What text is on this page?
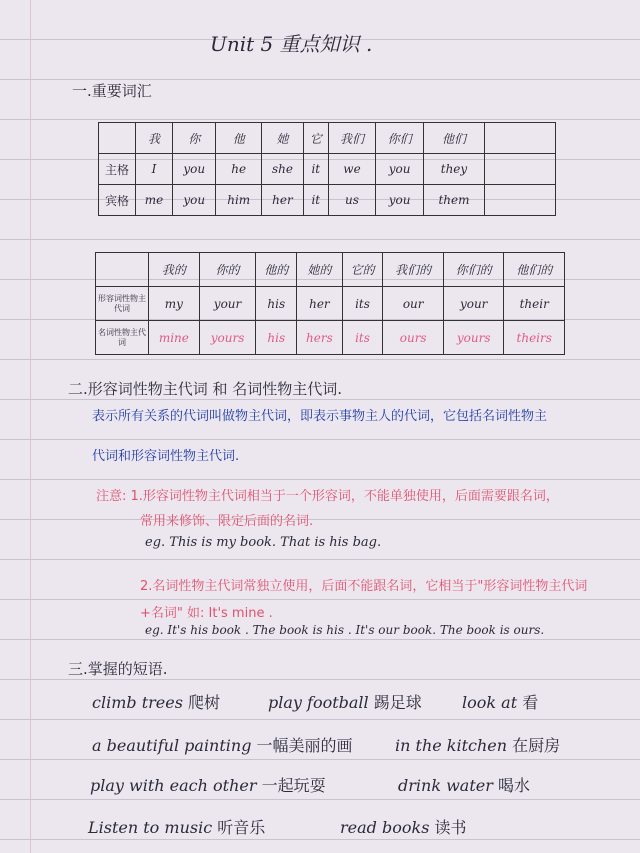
Unit 5 重点知识 .
一.重要词汇
	我	你	他	她	它	我们	你们	他们	
主格	I	you	he	she	it	we	you	they	
宾格	me	you	him	her	it	us	you	them	
	我的	你的	他的	她的	它的	我们的	你们的	他们的
形容词性物主代词	my	your	his	her	its	our	your	their
名词性物主代词	mine	yours	his	hers	its	ours	yours	theirs
二.形容词性物主代词 和 名词性物主代词.
表示所有关系的代词叫做物主代词，即表示事物主人的代词，它包括名词性物主
代词和形容词性物主代词.
注意: 1.形容词性物主代词相当于一个形容词，不能单独使用，后面需要跟名词，
常用来修饰、限定后面的名词.
eg. This is my book. That is his bag.
2.名词性物主代词常独立使用，后面不能跟名词，它相当于"形容词性物主代词
+名词" 如: It's mine .
eg. It's his book . The book is his . It's our book. The book is ours.
三.掌握的短语.
climb trees 爬树	play football 踢足球	look at 看
a beautiful painting 一幅美丽的画	in the kitchen 在厨房
play with each other 一起玩耍	drink water 喝水
Listen to music 听音乐	read books 读书
